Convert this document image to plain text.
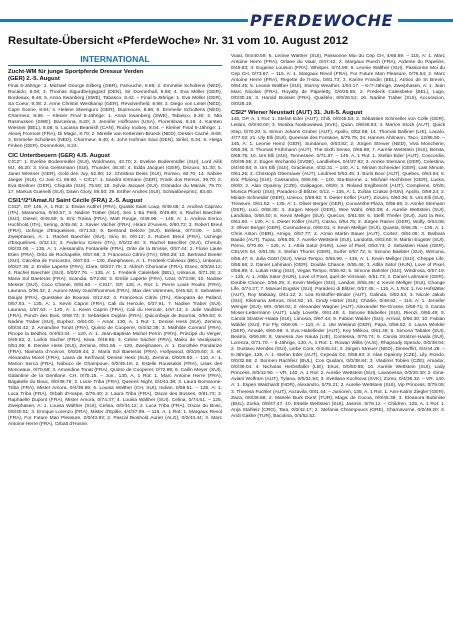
PFERDEWOCHE
Resultate-Übersicht «PferdeWoche» Nr. 31 vom 10. August 2012
INTERNATIONAL
Zucht-WM für junge Sportpferde Dressur Verden
(GER) 2.-5. August
Final 6-Jährige: 1. Michael George Eilberg (GBR), Fariouche, 9.88; 2. Emmelie Scholtens (NED), Rocaido, 9.08; 3. Thomas Sigurdbergsgard (DEN), Sir Donnerhall, 8.58; 4. Eva Möller (GER), Bordeaux, 8.46; 5. Anna Swanberg (SWE), Tabasco, 8.42. – Final 5-Jährige: 1. Eva Möller (GER), Sa Coeur, 9.38; 2. Anne Christin Westkamp (GER), Revolverheld, 8.98; 3. Diego von Lintel (NED), Capri Sonne, 8.94; 4. Helene Steenguro (GER), Duxmoore, 8.86; 5. Emmelie Scholtens (NED), Charmeur, 8.66. – Kleiner Final 6-Jährige: 1. Anna Swanberg (SWE), Tabasco, 8.26; 2. Mia Rasmussen (SWE), Barcelona, 8.20; 3. Jennifer Hoffmann (USA), Florentinas, 8.16; 4. Karsten Wiesner (BEL), 8.08; 5. Luciana Beamish (CAN), Rocky Inobey, 8.04. – Kleiner Final 5-Jährige: 1. Alexej Fromont (FRA), Di Magic, 8.70; 2. Mireille van Ketterden-Brüeck (NED), Dessin Caché, 8.66; 3. Emmelie Scholtens (NED), Charmeur, 8.40; 4. John Hofman Saul (DEN), Sirikit, 8.34; 5. Helga Finken (GER), Donnerkiss, 8.24.
CIC Untertbeuern (GER) 4./5. August
CIC2*: 1. Eveline Bodenmüller (SUI), Woldmann, 43.70; 2. Eveline Bodenmüller (SUI), Lord Ailik MJ, 46.20; 3. Irina Geissmann (SUI), Thunder, 48.30; 4. Edda Jacquet (GER), Dezuxo, 51.30; 5. Janet Wiesner (GER), Gold den Joy, 52.80; 12. Christina Deiss (SUI), Romeo, 60.70; 14. Sabine Jaeger (SUI), Ci Joni Ci, 69.60. – CIC1*: 1. Sandra Ertmann (GER), Frank dos Remos, 39.70; 2. Eva Breitner (GER), Chiquita (SUI), 75.50; 16. Sylvia Jacquet (SUI), Granador du Marais, 79.70; 17. Markus Guenelli (SUI), Dawn Glory, 86.50; 29. Esther Andres (SUI), Schwalbenprinz, 83.60.
CSI1*/2*/Amat./U Saint Cécile (FRA) 2.-5. August
CSI2*, GP, 145, A, 1 Rot: 1. Erwan Autfret (FRA), Quasik Saint Loup, 0/49.66; 2. Andrea Capraro (ITA), Maranoma, 0/40.57; 3. Nadine Traber (SUI), Sex 1 Bu Petit, 0/49.80; 4. Rachel Baechler (SUI), Diesel, 0/45.59; 5. Eric Traina (FRA), Matt Rouge, 0/46.96. – 145, A: 1. Andrea Enrico Hochhold (ITA), Sering, 0/49.46; 2. Xavier Vacher (FRA), Hiram d'Auvers, 0/60.72; 3. Robert Breul (FRA), Uchinge d'Esquelines, 0/71.53; 9. Bertrand Deleze (SUI), Bellesa, 0/73.09. – 140, Zweiphasen, A: 1. Rachel Baechler (SUI), Sirio III, 0/0.12; 2. Robert Breul (FRA), Uchinge d'Esquelines, 0/32.13; 3. Federico Cirieni (ITA), 0/0/32.40. 3. Rachel Baechler (SUI), Cherub, 0/0/33.06. – 135, A: 1. Alessandra Fontanelle (FRA), Orite de la Brosse, 0/57.44; 2. Florie Laute Etien (FRA), Orito de Rochapelle, 0/57.68; 3. Francesco Citrini (ITA), 0/60.28; 10. Bertrand Deeler (SUI), Carolina de Foricostro, 0/67.93. – 130, Zweiphasen, A: 1. Frederik Calvieux (BEL), Unkarus, 0/0/27.36; 2. Emilie Laperte (FRA), Clara, 0/0/27.79; 3. Aldrich Chomaine (FRA), Etxeo, 0/0/28.12; 4. Rachel Baechler (SUI), 0/0/27.76. – 135, A: 1. Frederik Caleisbek (BEL), Unkarus, 0/71.28; 2. Maria Sol Baeteras (FRA), Scandia, 0/72.08; 3. Emilie Laperte (FRA), Uzar, 0/73.08; 10. Nadine Messer (SUI), Coco Chanel, 0/91.60. – CSI1*, GP, 125, A, Rot: 1. Pierre Louis Rouko (FRA), Laurana, 0/36.32; 2. Aurore Masy Guichthommus (FRA), Max des Varennes, 0/45.52; 3. Sebastien Daujat (FRA), Questake de Bourani, 0/12.62; 4. Francesca Citrini (ITA), Kleopatra de Pallard, 0/57.93. – 125, A: 1. Kevin Caprin (FRA), Cali du Hercule, 0/37.91. 7. Nadine Traber (SUI), Laurana, 1/57.53. – 120, A: 1. Kevin Caprin (FRA), Cali du Hercule, 1/57.13; 2. Julie Vaultlind (FRA), Punch des Bois, 0/58.73; 3. Sebastien Duplan (FRA), Quiconbuja de Bournai, 0/59.83; 9. Nadine Traber (SUI), Euphez, 0/64.00. – Amat. 130, A, 1 Rot: 1. Denise Hess (SUI), Zemina, 0/0/34.42; 2. Amandine Tonat (FRA), Quinto de Cooperer, 0/4/42.39; 3. Mathilde Conrard (FRA), Pinope la Bedhot, 0/4/53.34. – 120, A: 1. Jean-Baptiste Michel Perrin (FRA), Principé du Verger, 0/49.82; 2. Lorkin Sacher (FRA), Kiwa, 0/49.85; 3. Celine Sacher (FRA), Maiko de Varalpaure, 0/51.05; 8. Denise Hess (SUI), Zemina, 0/51.56. – 120, Zweiphasen, A: 1. Dorothée Pandarize (FRA), Niamara d'Aceron, 0/0/29.44; 2. Maria Sol Baeteras (FRA), Hollywood, 0/0/29.60; 3. et. Alexandra Morel (FRA), Laura de Kerfraval; Denise Hess (SUI), Zemina, 0/0/29.92. – 110, A: 1. Marion Serca (FRA), Nabuco de Champoue, 0/0/49.19; 2. Estelle Roussakis (FRA), Lisas des Monceaux, 0/70.68; 3. Amandine Tonat (FRA), Quinto de Cooperer, 0/72.89; 6. Cailin Meyer (SUI), Galantine de la Gentlane, CH, 0/75.15. – Jun., 130, A, 1 Rot: 1. Marc Antoine Herre (FRA), Bagatelle du Bouc, 0/0/38.79; 2. Lucie Triba (FRA), Queens Night, 0/4/41.38; 3. Laura Bomarone-Triba (FRA), Mister Amora, 0/4/39.69; 6. Louisa Walther (CH, SUI), Indian, 0/59.51. – 125, A: 1. Luca Triba (FRA), Orbalt d'Hospe, 0/76.40; 2. Laura Triba (FRA), Oscar des Bosses, 0/81.73; 3. Raphaelle Dupont (FRA), Mister Amora, 0/74.37; 4. Louisa Walther (SUI), Celina, 0/74.61. – 125, Zweiphasen, A: 1. Louisa Walther (SUI), Celina, 0/0/34.12; 2. Luca Triba (FRA), Oscar du Bosc, 0/0/40.51; 3. Enrique Lorenzo (FRA), Mister d'Epille, 4/4/37.99. – 115, A, 1 Rot: 1. Margaux Revol (FRA), For Future Man Pleasure, 0/0/43.93; 2. Pascal Bioshold Aurier (ALG), 0/0/43.44; 3. Marc Antoine Herre (FRA), Orbalt d'Hosne.
Viaar, 0/4/40.59; 6. Leonie Walther (SUI), Passionne Moi du Cep CH, 4/66.69. – 115, A: 1. Marc Antoine Herre (FRA), Orlane du Viaar, 0/47.42; 2. Margaux Puech (FRA), Ardente du Papelins, 0/49.83; 3. Eugenie Louison (FRA), Whisper, 4/74.99; 9. Leonie Walther (SUI), Passionne Moi du Cep CH, 0/73.67. – 115, A: 1. Margaux Revol (FRA), For Future Man Pleasure, 0/76.54; 2. Marc Antoine Herre (FRA), Regette de l'Hotu, 0/81.73; 3. Karine Frandin (BEL), Antioo de St Brevin, 0/84.45; 5. Leonie Walther (SUI), Stormy Weather, 1/93.17. – 6-/7-Jährige, Zweiphasen, A: 1. Jean Marc Nicolas (FRA), Royalty de Papeletty, 0/0/25.55; 2. Frederik Caleisbeke (BEL), Lugo, 0/0/30.15; 3. Harold Boisset (FRA), Qualitéo, 0/0/26.51; 16. Nadine Traber (SUI), Accuracion, 0/0/28.19.
CSI2* Wiener Neustadt (AUT) 31. Juli-5. August
145, GP, A, 1 Rot: 1. Stefan Eder (AUT), Chili, 0/0/45.53; 2. Sébastien Schmeller von Colle (GER), Leilani, 0/0/40.00; 3. Monika Noskowiewa (SVK), Quan, 0/8/46.63; 4. Marlon Stock (AUT), Quick Step, 0/70.20; 5. Simon Johann Gruber (AUT), Apollo, 0/52.58; 14. Thomas Balliner (LIE), Lacalo, 4/77.02; 21. Uly Elli (SUI), Queenas des Fontaine, 5/75.75; 34. Hannes Ahlmann, Taco, 12/85.50. – 145, A: 1. Leonie Heinz (GER), Sundance, 0/63.82; 2. Jürgen Streuer (NED), Viva Moncherie, 0/65.38; 3. Thomas Frühmann (AUT), The Sixth Sense, 0/65.69; 7. Aurelie Wettstein (SUI), Benita, 0/68.75; 10. Urs Elli (SUI), Tennessee, 0/71.87. – 145, A, 1 Rot: 1. Stefan Eder (AUT), Concordia, 0/0/39.55; 2. Eugen Wicharski (SVDE), Landliebes, 0/4/37.82; 3. Annke Stemann (GER), Celestina, 0/4/40.64; 9. Urs Elli (SUI), Gracieuse, 4/32.31. – 140, A: 1. Miriam Schneider (GER), Last Minute, 0/61.26; 2. Christoph Obernauer (AUT), Lindmes 0/63.45; 3. Boris Boor (AUT), Quebec, 0/63.94; 6. Eric Pfulong (SUI), Cassandra, 0/65.05. – 140, Sta-Barone: 1. Michael Hochbiner (GER), Lucka, 0/0/0; 2. Alan Opainny (CZE), Galipagon, 0/0/0; 3. Roland Englbrecht (AUT), Compliens, 0/0/5; Monica Ploetz (SUI), Paradero di Blitzer, 0/12. – 135, A: 1. Zoltan Czakar (HUN), Apollo, 0/59.24; 2. Miriam Schneider (GER), Unieco, 0/59.92; 3. Dieter Köfler (AUT), Zizuno, 0/60.36; 5. Urs Elli (SUI), Treasure, 0/61.52. – 135, A: 1. Oliver Berger (GER), Convanthe-Plaza, 0/56.65; 2. Annke Stemann (GER), Luci, 0/58.30; 3. Jürgen Meyer (GER), Wee Wahl, 0/60.08; 4. Aurelie Wettstein (SUI), Landioba, 0/60.40; 5. Kevin Mellger (SUI), Quecon, 0/61.59; 6. Steffi Theiler (SUI), Just la Rex, 0/61.60. – 130, A: 1. Dieter Köfler (AUT), Casso, 0/54.75; 2. Jürgen Rainer (GER), Wolfy, 0/64.08; 3. Oliver Berger (GER), Cosmodemo, 0/60.01; 4. Kevin Mellger (SUI), Quanta, 0/66.35. – 135, A: 1. Chris Aston (GBR), Amigo, 0/57.77; 2. Armin Martin Bauer (AUT), Cortez, 0/64.08; 3. Barbara Baade (AUT), Tupac, 0/66.05; 7. Aurelie Wettstein (SUI), Landotta, 0/63.60; 9. Martin Eugster (SUI), Pemo, 0/70.00. – 125, A: 1. Attila Sator (HUN), Love of Pixel, 0/53.74; 2. Sebastien Haas (GER), CELVIS 54, 0/61.05; 3. Stefan Thoms (GER), Surfer 0/57.72; 5. Simone Baebler (SUI), Wimona, 0/55.47; 6. Julia Götzl (SUI), Vieux Tempo, 0/55.96. – 135, A: 1. Kevin Mellger (SUI), Cheppe Life, 0/55.66; 2. Daniel Lahmann (GER), Double Chance, 0/55.46; 3. Attila Sator (HUN), Love of Pixel, 0/56.89; 4. Lukas Häng (SUI), Vegas Tempo, 0/56.92; 5. Simone Bahnler (SUI), Windrosa, 0/57.19. – 125, A: 1. Attila Sator (HUN), Love of Pixel, quel de Viminaie, 0/51.73; 2. Daniel Lahmann (GER), Double Chance, 0/55.25; 3. Kevin Mellger (SUI), Landos, 0/55.48; 4. Kevin Mellger (SUI), Change Life, 0/74.27; 7. Manuel Eugster (SUI), Paradero di Blitzer, 0/57.45. – 115, A, 1 Rot: 1. Ivo Hofstätter (AUT), Roy Makaay, 0/41.12; 2. Lea Kristoffer-Binder (AUT), Calinda, 0/52.53; 3. Nicole Jakob (SUI), Kikimaria Jethros, 0/44.82; 10. Cindy Hürter (SUI), Charlie, 0/48.62. – 115, A: 1. Jennifer Wenger (SUI), WS, 0/58.02; 2. Alexander Wagner (AUT), Alexander Re-Grosse, 0/59.71; 3. Carola Moser-Lettermann (AUT), Lady Lovette, 0/61.49; 4. Simone Blubeller (SUI), Rienzi, 0/65.49; 5. Carola Stratzer-Haala (SUI), Limonia, 0/67.44; 9. Fabian Walder (SUI), Arrival, 0/66.30; 10. Fabian Walder (SUI), For Fly, 0/69.05. – 110, A: 1. Ute Wieland (GER), Papa, 0/58.52; 2. Laura Winkler (GER), Amadé, 0/60.98; 3. Eva Habelleder (AUT), Key Mikkoo, 0/61.48; 6. Simona Tabaler (SUI), Beatrix, 0/66.89; 8. Vanessa Joe Nauta (LIE), Contessa, 0/76.74; 9. Carola Stratzer-Haala (SUI), Lorenza, 0/71.70. – 6-Jährige, 130, A, 1 Rot: 1. Rowan Willis (AUS), Rhapsody Spendo, 0/0/38.04; 2. Gustavo Mendes (SUI), Liebe Cora, 0/4/45.41; 3. Jürgen Streuer (NED), Dinnerflirt, 0/4/44.28. – 5-Jährige, 125, A: 1. Stefan Eder (AUT), Cepeda Oz, 0/58.93; 2. Alan Opainny (CZE), Lily, Rondo, 0/0/32.68; 2. Bonnen Rachfeiz (BUL), Con Quidam, 0/0/38.84; 3. Vladimir Tobien (CZE), Amador, 0/0/39.04. 4. Nicholas Herbstfaller (LIE), Erius, 0/0/50.85; 10. Aurelie Wettstein (SUI), Lady Princess, 0/0/42.90. – VR, 140, A, 1 Rot: 2. Aurelie Wettstein (SUI), Lavanessa, 0/0/20.30; 2. Gina-Aviani Wolfram (AUT), Tylana, 0/0/31.94; 3. Svetlana Kochtova (SVK), Zomo, 0/4/36.32. – VR, 140, A: 1. Espen Walchardt (NOR), Alexandro, 0/75.21; 2. Aurelie Wettstein (SUI), Vip Princess, 0/79.05; 3. Theresa Fuchler (AUT), Anzavila, 0/81.44. – Junioren, 135, A, 1 Rot: 1. Ann-Katrin Ziegler (GER), Zaza, 0/0/38.88; 2. Mariele Burk Dorst (TUR), Magic de Cocoa, 0/0/45.38; 3. Eleanora Bobinise (BUL), Zorka, 0/0/47.47. 10. Estelle Wettstein (SUI), Jasmin, 5/78.12. – Children, 125, A, 1 Rot: 1. Anja Stahleiz (CRO), Tara, 0/0/42.17; 2. Stefania Chrampoucs (GRE), Chamavorne, 0/0/48.20; 3. Andi Gakke (TUR), Bacolina, 0/4/52.52.
